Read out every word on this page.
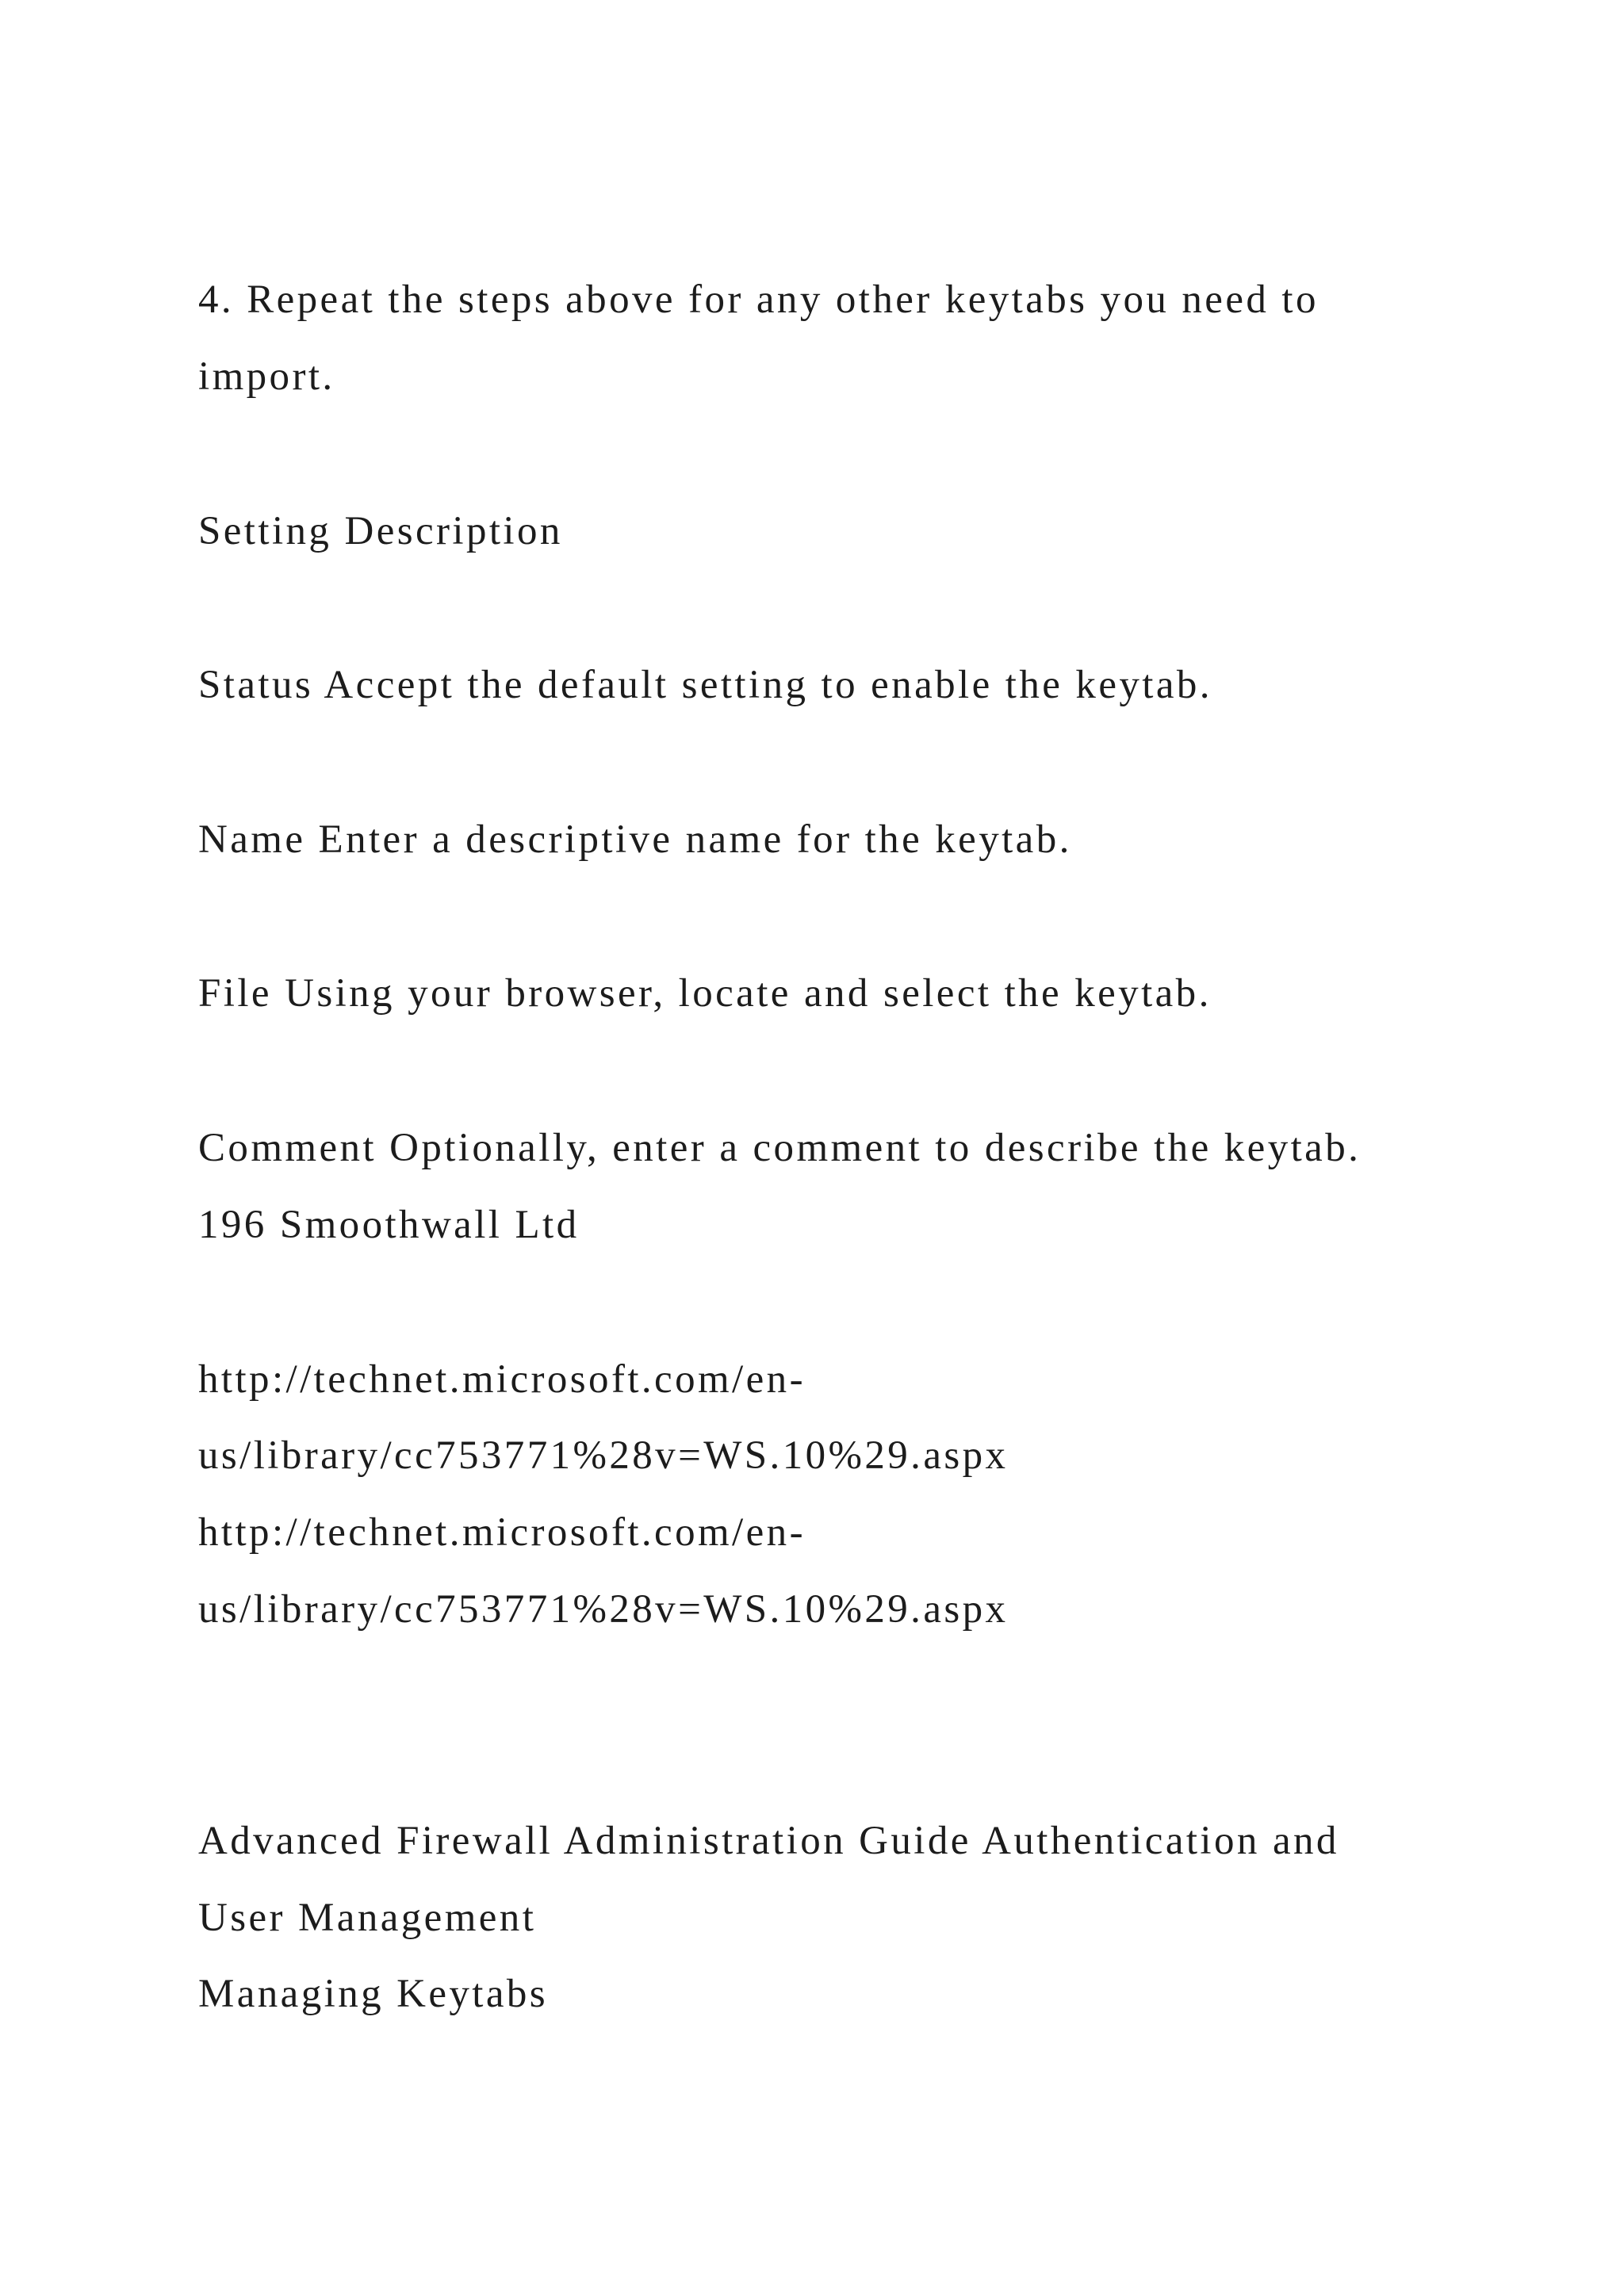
4. Repeat the steps above for any other keytabs you need to

import.

Setting Description

Status Accept the default setting to enable the keytab.

Name Enter a descriptive name for the keytab.

File Using your browser, locate and select the keytab.

Comment Optionally, enter a comment to describe the keytab.

196 Smoothwall Ltd

http://technet.microsoft.com/en-

us/library/cc753771%28v=WS.10%29.aspx

http://technet.microsoft.com/en-

us/library/cc753771%28v=WS.10%29.aspx

Advanced Firewall Administration Guide Authentication and

User Management

Managing Keytabs
